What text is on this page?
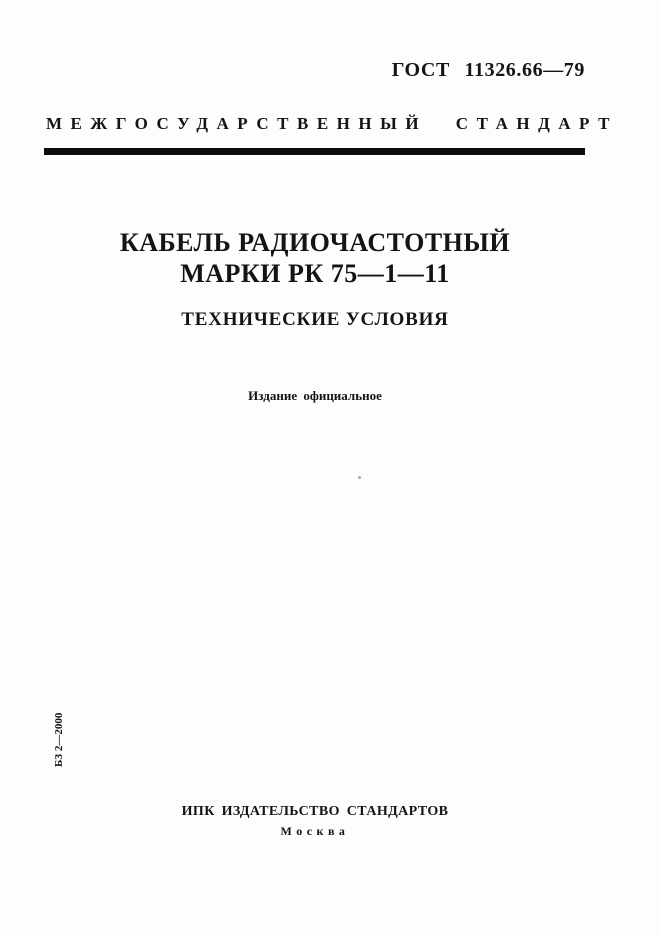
ГОСТ 11326.66—79
МЕЖГОСУДАРСТВЕННЫЙ СТАНДАРТ
КАБЕЛЬ РАДИОЧАСТОТНЫЙ
МАРКИ РК 75—1—11
ТЕХНИЧЕСКИЕ УСЛОВИЯ
Издание официальное
БЗ 2—2000
ИПК ИЗДАТЕЛЬСТВО СТАНДАРТОВ
Москва
